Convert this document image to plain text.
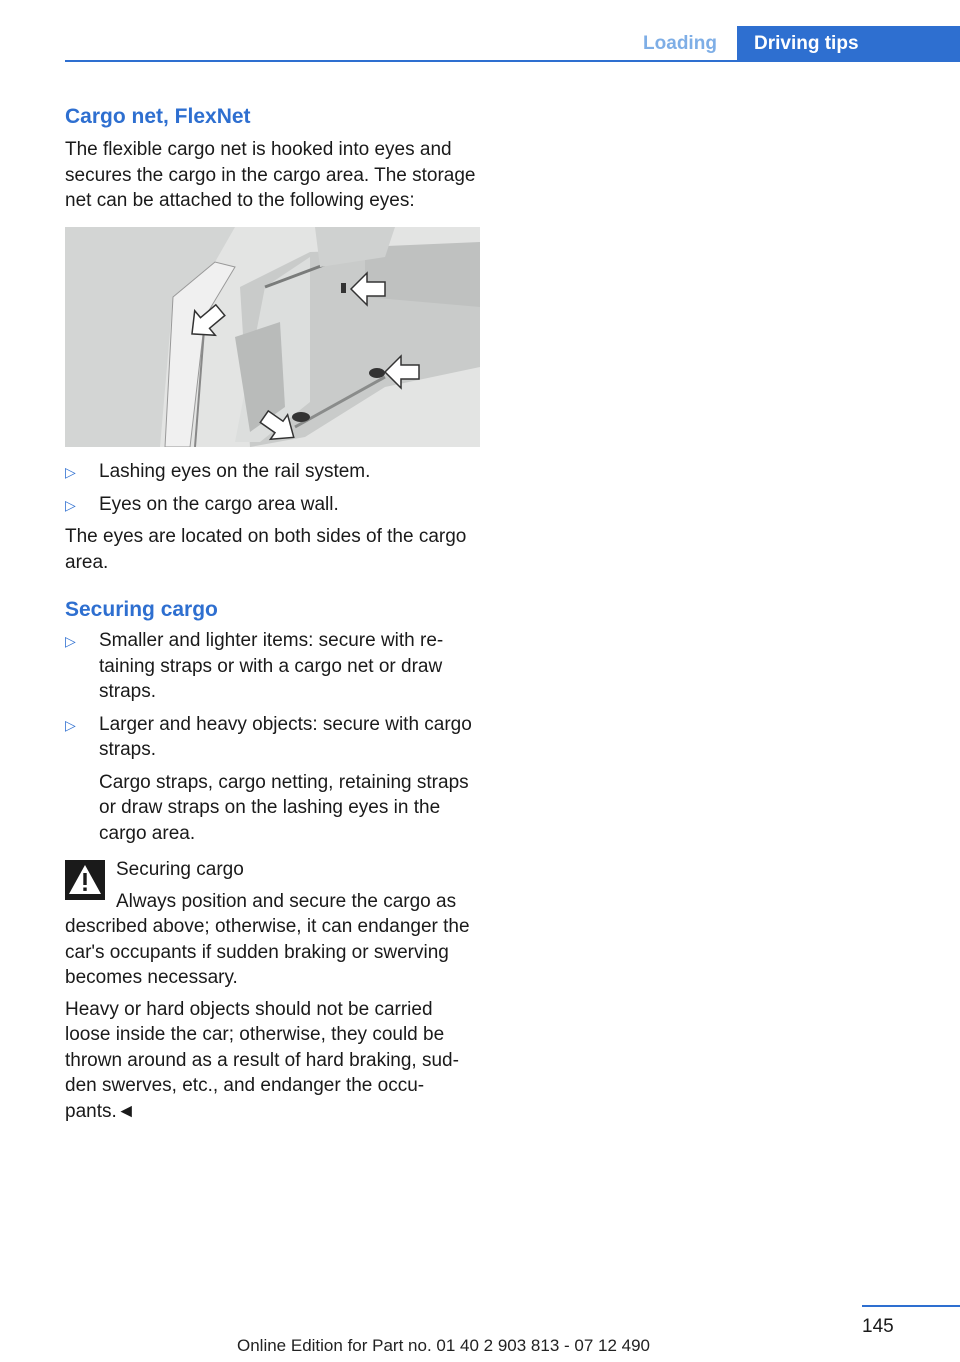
Loading	Driving tips
Cargo net, FlexNet

The flexible cargo net is hooked into eyes and secures the cargo in the cargo area. The storage net can be attached to the following eyes:

▷ Lashing eyes on the rail system.
▷ Eyes on the cargo area wall.

The eyes are located on both sides of the cargo area.

Securing cargo
▷ Smaller and lighter items: secure with retaining straps or with a cargo net or draw straps.
▷ Larger and heavy objects: secure with cargo straps.
Cargo straps, cargo netting, retaining straps or draw straps on the lashing eyes in the cargo area.

Securing cargo

Always position and secure the cargo as described above; otherwise, it can endanger the car's occupants if sudden braking or swerving becomes necessary.

Heavy or hard objects should not be carried loose inside the car; otherwise, they could be thrown around as a result of hard braking, sudden swerves, etc., and endanger the occupants.◄

145
Online Edition for Part no. 01 40 2 903 813 - 07 12 490
